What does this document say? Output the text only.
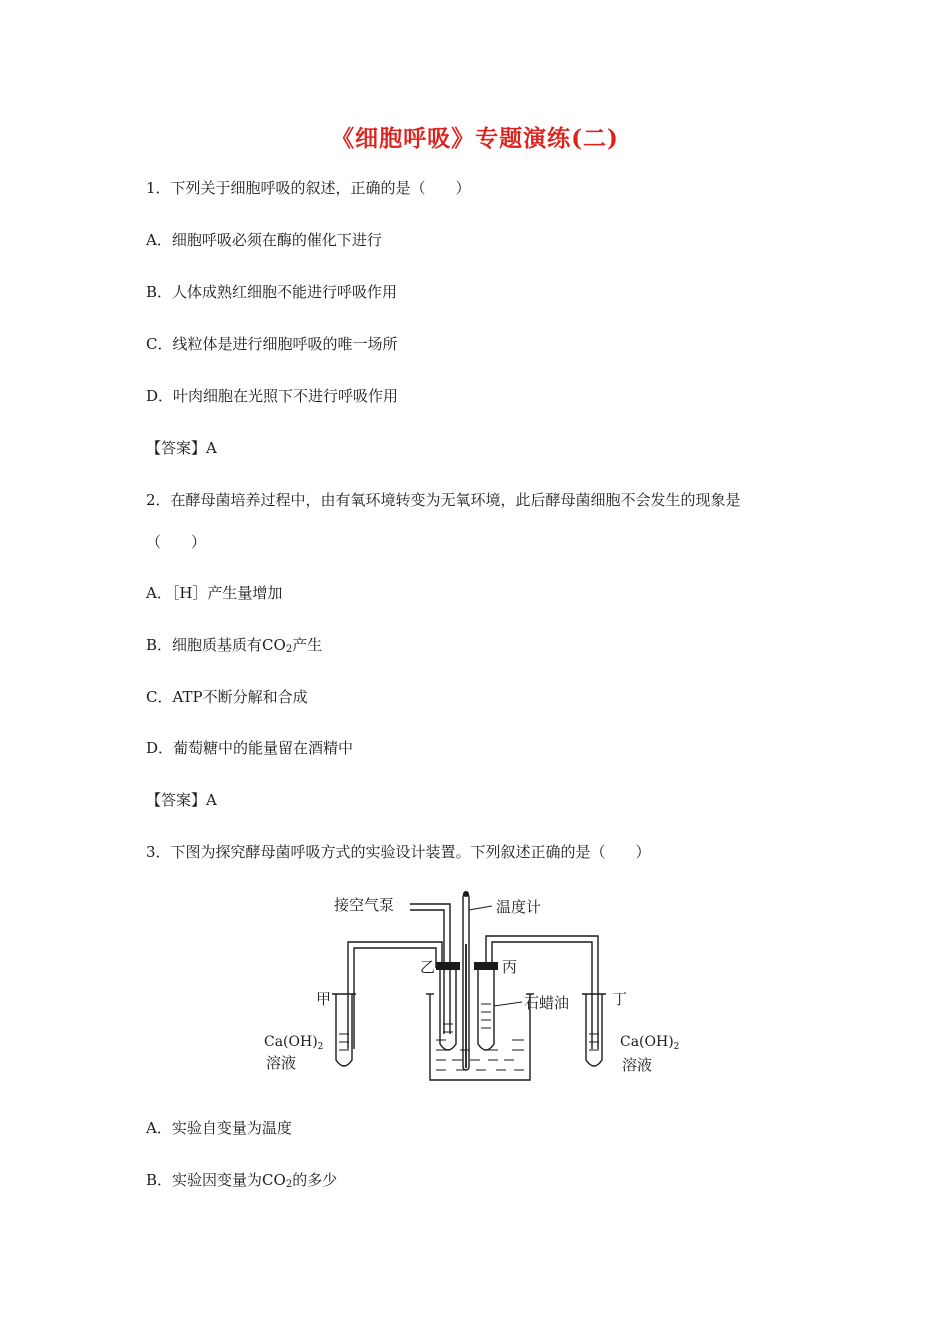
《细胞呼吸》专题演练(二)
1．下列关于细胞呼吸的叙述，正确的是（　　）
A．细胞呼吸必须在酶的催化下进行
B．人体成熟红细胞不能进行呼吸作用
C．线粒体是进行细胞呼吸的唯一场所
D．叶肉细胞在光照下不进行呼吸作用
【答案】A
2．在酵母菌培养过程中，由有氧环境转变为无氧环境，此后酵母菌细胞不会发生的现象是
（　　）
A．［H］产生量增加
B．细胞质基质有$CO_2$产生
C．ATP不断分解和合成
D．葡萄糖中的能量留在酒精中
【答案】A
3．下图为探究酵母菌呼吸方式的实验设计装置。下列叙述正确的是（　　）
接空气泵	温度计
乙	丙
甲	丁
石蜡油
$Ca(OH)_2$
溶液
$Ca(OH)_2$
溶液
A．实验自变量为温度
B．实验因变量为$CO_2$的多少
